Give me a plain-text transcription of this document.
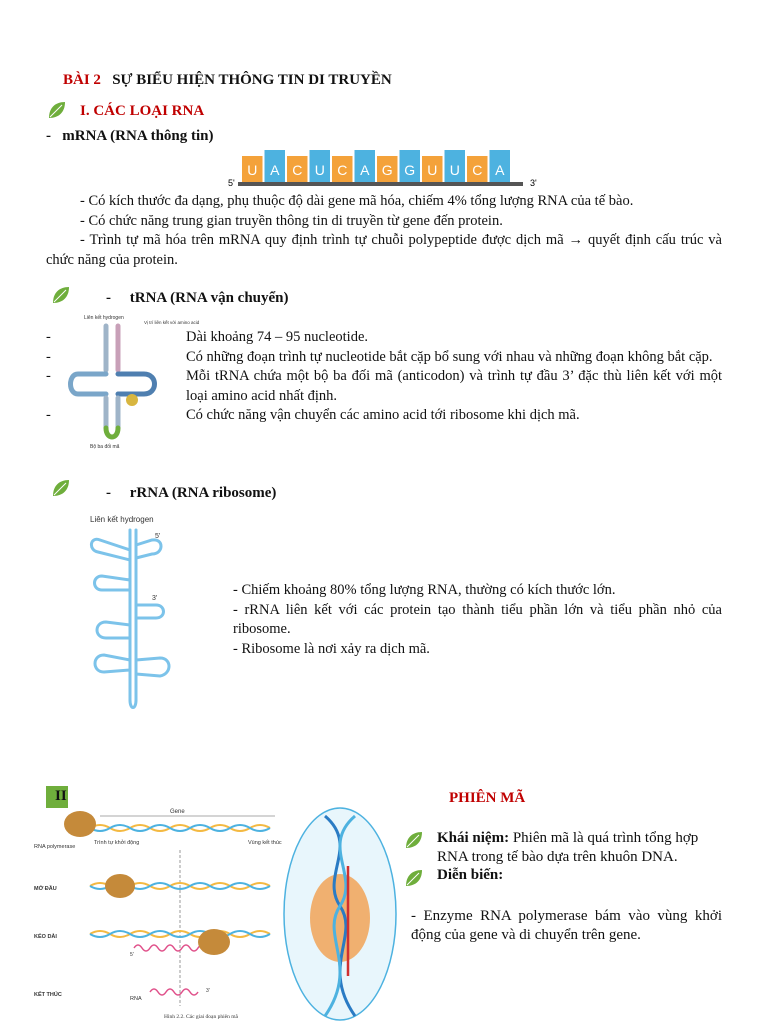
BÀI 2 SỰ BIỂU HIỆN THÔNG TIN DI TRUYỀN
I. CÁC LOẠI RNA
- mRNA (RNA thông tin)
U A C U C A G G U U C A
5'	3'

- Có kích thước đa dạng, phụ thuộc độ dài gene mã hóa, chiếm 4% tổng lượng RNA của tế bào.

- Có chức năng trung gian truyền thông tin di truyền từ gene đến protein.

- Trình tự mã hóa trên mRNA quy định trình tự chuỗi polypeptide được dịch mã → quyết định cấu trúc và chức năng của protein.

- tRNA (RNA vận chuyển)
Liên kết hydrogen
Vị trí liên kết với amino acid
Bộ ba đối mã
-	Dài khoảng 74 – 95 nucleotide.
-	Có những đoạn trình tự nucleotide bắt cặp bổ sung với nhau và những đoạn không bắt cặp.
-	Mỗi tRNA chứa một bộ ba đối mã (anticodon) và trình tự đầu 3’ đặc thù liên kết với một loại amino acid nhất định.
-	Có chức năng vận chuyển các amino acid tới ribosome khi dịch mã.
- rRNA (RNA ribosome)
Liên kết hydrogen
5'
3'

- Chiếm khoảng 80% tổng lượng RNA, thường có kích thước lớn.

- rRNA liên kết với các protein tạo thành tiểu phần lớn và tiểu phần nhỏ của ribosome.

- Ribosome là nơi xảy ra dịch mã.

II	PHIÊN MÃ
Gene
RNA polymerase
Trình tự khởi động	Vùng kết thúc
MỞ ĐẦU
KÉO DÀI
5'
KẾT THÚC
RNA
3'
Hình 2.2. Các giai đoạn phiên mã
Khái niệm: Phiên mã là quá trình tổng hợp RNA trong tế bào dựa trên khuôn DNA.
Diễn biến:
- Enzyme RNA polymerase bám vào vùng khởi động của gene và di chuyển trên gene.
